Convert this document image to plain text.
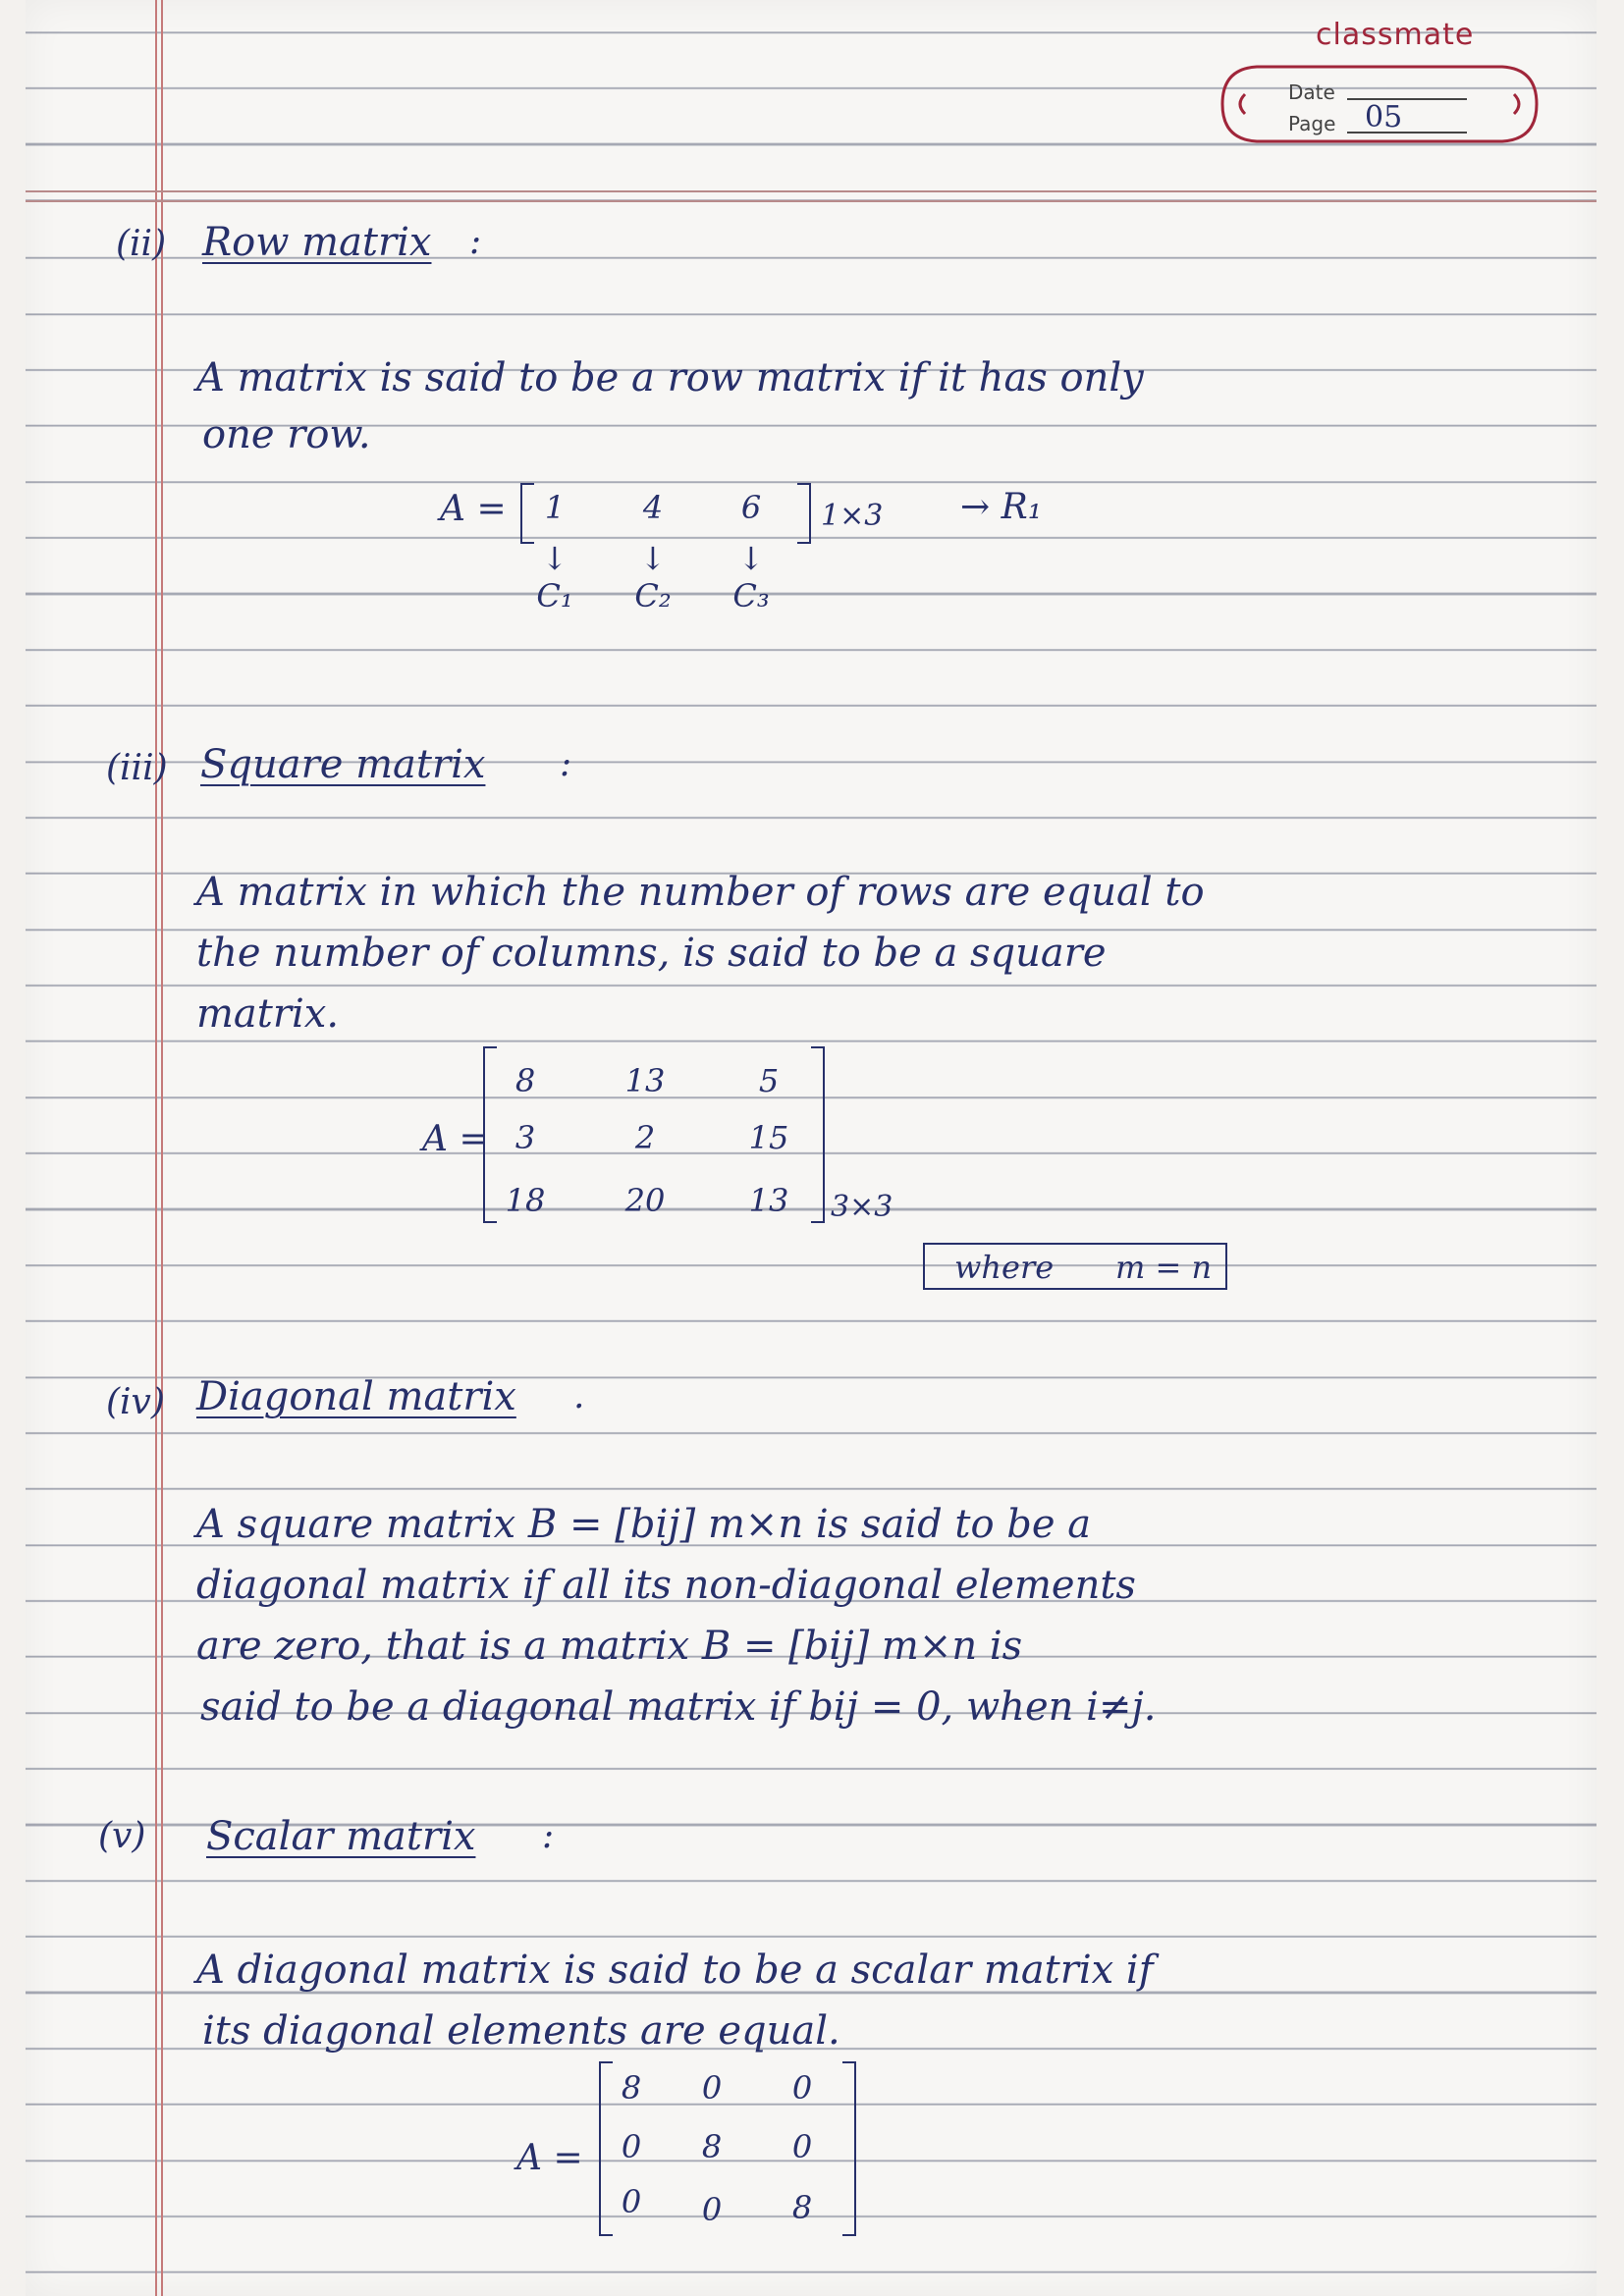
classmate
Date
Page 05
(ii) Row matrix :
A matrix is said to be a row matrix if it has only
one row.
A =	1	4	6	1×3 → R₁
↓	↓	↓
C₁	C₂	C₃
(iii) Square matrix :
A matrix in which the number of rows are equal to
the number of columns, is said to be a square
matrix.
A =
8	13	5
3	2	15
18	20	13	3×3
where m = n
(iv) Diagonal matrix .
A square matrix B = [bij] m×n is said to be a
diagonal matrix if all its non-diagonal elements
are zero, that is a matrix B = [bij] m×n is
said to be a diagonal matrix if bij = 0, when i≠j.
(v) Scalar matrix :
A diagonal matrix is said to be a scalar matrix if
its diagonal elements are equal.
A =
8	0	0
0	8	0
0	0	8
